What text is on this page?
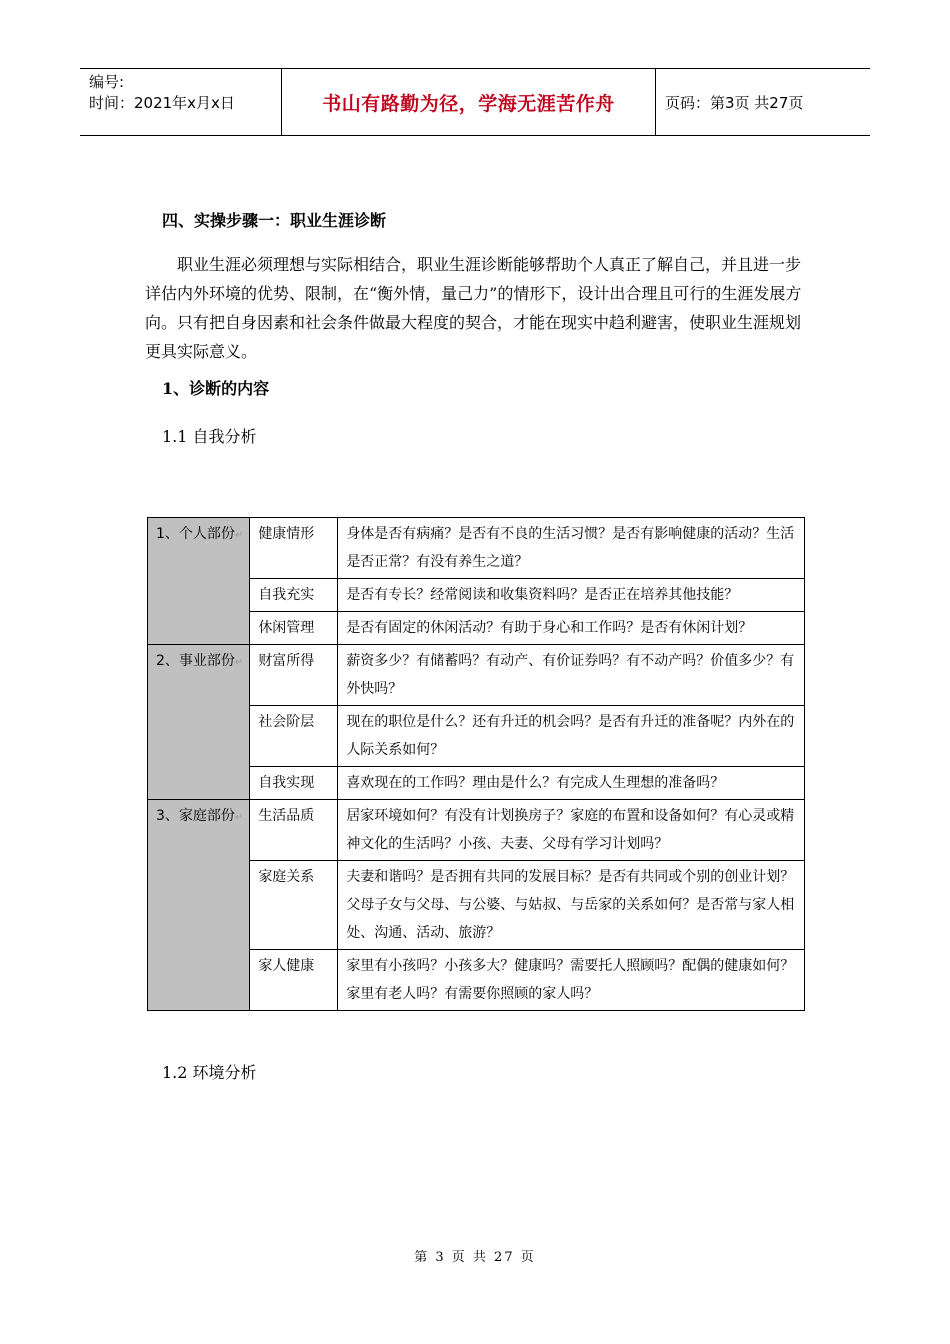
编号:
时间：2021年x月x日	书山有路勤为径，学海无涯苦作舟	页码：第3页 共27页
四、实操步骤一：职业生涯诊断

职业生涯必须理想与实际相结合，职业生涯诊断能够帮助个人真正了解自己，并且进一步详估内外环境的优势、限制，在“衡外情，量己力”的情形下，设计出合理且可行的生涯发展方向。只有把自身因素和社会条件做最大程度的契合，才能在现实中趋利避害，使职业生涯规划更具实际意义。

1、诊断的内容
1.1 自我分析
1、个人部份↵	健康情形	身体是否有病痛？是否有不良的生活习惯？是否有影响健康的活动？生活是否正常？有没有养生之道？
	自我充实	是否有专长？经常阅读和收集资料吗？是否正在培养其他技能？
	休闲管理	是否有固定的休闲活动？有助于身心和工作吗？是否有休闲计划？
2、事业部份↵	财富所得	薪资多少？有储蓄吗？有动产、有价证券吗？有不动产吗？价值多少？有外快吗？
	社会阶层	现在的职位是什么？还有升迁的机会吗？是否有升迁的准备呢？内外在的人际关系如何？
	自我实现	喜欢现在的工作吗？理由是什么？有完成人生理想的准备吗？
3、家庭部份↵	生活品质	居家环境如何？有没有计划换房子？家庭的布置和设备如何？有心灵或精神文化的生活吗？小孩、夫妻、父母有学习计划吗？
	家庭关系	夫妻和谐吗？是否拥有共同的发展目标？是否有共同或个别的创业计划？父母子女与父母、与公婆、与姑叔、与岳家的关系如何？是否常与家人相处、沟通、活动、旅游？
	家人健康	家里有小孩吗？小孩多大？健康吗？需要托人照顾吗？配偶的健康如何？家里有老人吗？有需要你照顾的家人吗？
1.2 环境分析
第 3 页 共 27 页
